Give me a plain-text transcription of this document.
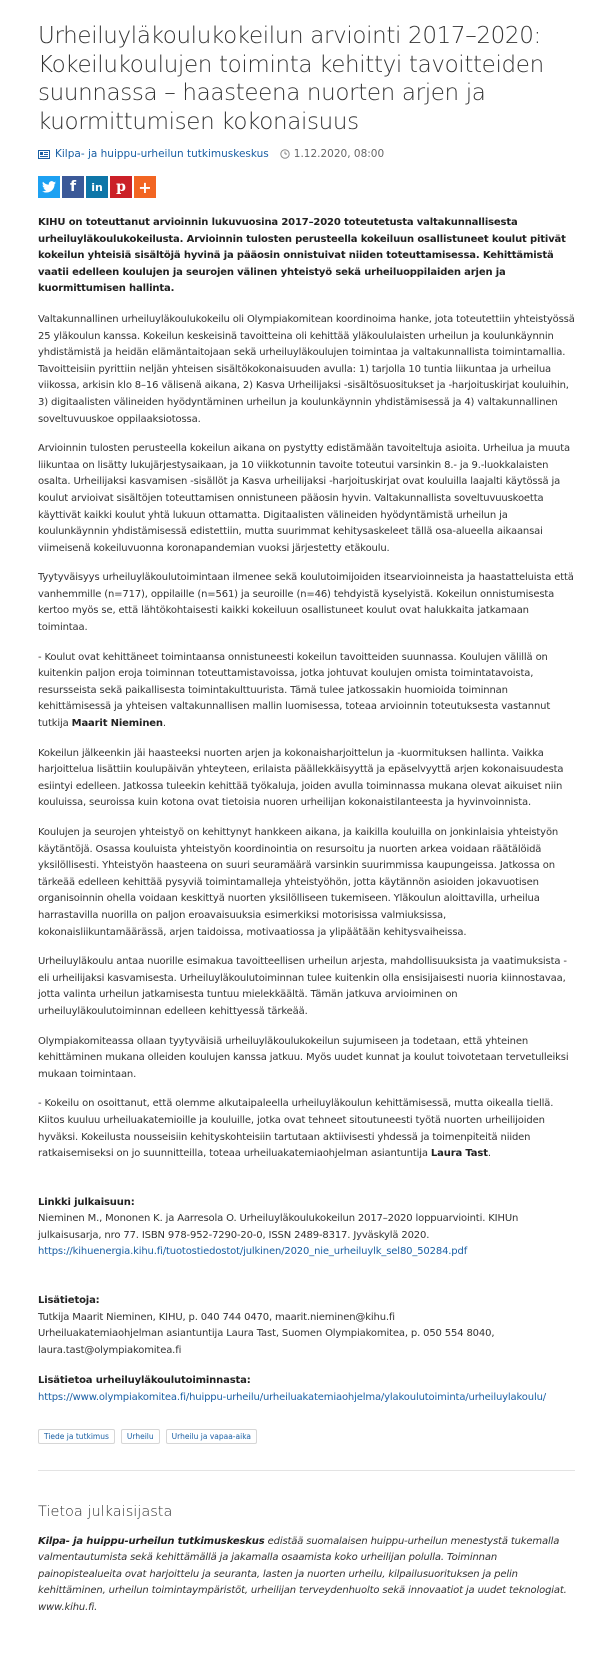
Urheiluyläkoulukokeilun arviointi 2017–2020: Kokeilukoulujen toiminta kehittyi tavoitteiden suunnassa – haasteena nuorten arjen ja kuormittumisen kokonaisuus
Kilpa- ja huippu-urheilun tutkimuskeskus 1.12.2020, 08:00
f in p +

KIHU on toteuttanut arvioinnin lukuvuosina 2017–2020 toteutetusta valtakunnallisesta urheiluyläkoulukokeilusta. Arvioinnin tulosten perusteella kokeiluun osallistuneet koulut pitivät kokeilun yhteisiä sisältöjä hyvinä ja pääosin onnistuivat niiden toteuttamisessa. Kehittämistä vaatii edelleen koulujen ja seurojen välinen yhteistyö sekä urheiluoppilaiden arjen ja kuormittumisen hallinta.

Valtakunnallinen urheiluyläkoulukokeilu oli Olympiakomitean koordinoima hanke, jota toteutettiin yhteistyössä 25 yläkoulun kanssa. Kokeilun keskeisinä tavoitteina oli kehittää yläkoululaisten urheilun ja koulunkäynnin yhdistämistä ja heidän elämäntaitojaan sekä urheiluyläkoulujen toimintaa ja valtakunnallista toimintamallia. Tavoitteisiin pyrittiin neljän yhteisen sisältökokonaisuuden avulla: 1) tarjolla 10 tuntia liikuntaa ja urheilua viikossa, arkisin klo 8–16 välisenä aikana, 2) Kasva Urheilijaksi -sisältösuositukset ja -harjoituskirjat kouluihin, 3) digitaalisten välineiden hyödyntäminen urheilun ja koulunkäynnin yhdistämisessä ja 4) valtakunnallinen soveltuvuuskoe oppilaaksiotossa.

Arvioinnin tulosten perusteella kokeilun aikana on pystytty edistämään tavoiteltuja asioita. Urheilua ja muuta liikuntaa on lisätty lukujärjestysaikaan, ja 10 viikkotunnin tavoite toteutui varsinkin 8.- ja 9.-luokkalaisten osalta. Urheilijaksi kasvamisen -sisällöt ja Kasva urheilijaksi -harjoituskirjat ovat kouluilla laajalti käytössä ja koulut arvioivat sisältöjen toteuttamisen onnistuneen pääosin hyvin. Valtakunnallista soveltuvuuskoetta käyttivät kaikki koulut yhtä lukuun ottamatta. Digitaalisten välineiden hyödyntämistä urheilun ja koulunkäynnin yhdistämisessä edistettiin, mutta suurimmat kehitysaskeleet tällä osa-alueella aikaansai viimeisenä kokeiluvuonna koronapandemian vuoksi järjestetty etäkoulu.

Tyytyväisyys urheiluyläkoulutoimintaan ilmenee sekä koulutoimijoiden itsearvioinneista ja haastatteluista että vanhemmille (n=717), oppilaille (n=561) ja seuroille (n=46) tehdyistä kyselyistä. Kokeilun onnistumisesta kertoo myös se, että lähtökohtaisesti kaikki kokeiluun osallistuneet koulut ovat halukkaita jatkamaan toimintaa.

- Koulut ovat kehittäneet toimintaansa onnistuneesti kokeilun tavoitteiden suunnassa. Koulujen välillä on kuitenkin paljon eroja toiminnan toteuttamistavoissa, jotka johtuvat koulujen omista toimintatavoista, resursseista sekä paikallisesta toimintakulttuurista. Tämä tulee jatkossakin huomioida toiminnan kehittämisessä ja yhteisen valtakunnallisen mallin luomisessa, toteaa arvioinnin toteutuksesta vastannut tutkija Maarit Nieminen.

Kokeilun jälkeenkin jäi haasteeksi nuorten arjen ja kokonaisharjoittelun ja -kuormituksen hallinta. Vaikka harjoittelua lisättiin koulupäivän yhteyteen, erilaista päällekkäisyyttä ja epäselvyyttä arjen kokonaisuudesta esiintyi edelleen. Jatkossa tuleekin kehittää työkaluja, joiden avulla toiminnassa mukana olevat aikuiset niin kouluissa, seuroissa kuin kotona ovat tietoisia nuoren urheilijan kokonaistilanteesta ja hyvinvoinnista.

Koulujen ja seurojen yhteistyö on kehittynyt hankkeen aikana, ja kaikilla kouluilla on jonkinlaisia yhteistyön käytäntöjä. Osassa kouluista yhteistyön koordinointia on resursoitu ja nuorten arkea voidaan räätälöidä yksilöllisesti. Yhteistyön haasteena on suuri seuramäärä varsinkin suurimmissa kaupungeissa. Jatkossa on tärkeää edelleen kehittää pysyviä toimintamalleja yhteistyöhön, jotta käytännön asioiden jokavuotisen organisoinnin ohella voidaan keskittyä nuorten yksilölliseen tukemiseen. Yläkoulun aloittavilla, urheilua harrastavilla nuorilla on paljon eroavaisuuksia esimerkiksi motorisissa valmiuksissa, kokonaisliikuntamäärässä, arjen taidoissa, motivaatiossa ja ylipäätään kehitysvaiheissa.

Urheiluyläkoulu antaa nuorille esimakua tavoitteellisen urheilun arjesta, mahdollisuuksista ja vaatimuksista - eli urheilijaksi kasvamisesta. Urheiluyläkoulutoiminnan tulee kuitenkin olla ensisijaisesti nuoria kiinnostavaa, jotta valinta urheilun jatkamisesta tuntuu mielekkäältä. Tämän jatkuva arvioiminen on urheiluyläkoulutoiminnan edelleen kehittyessä tärkeää.

Olympiakomiteassa ollaan tyytyväisiä urheiluyläkoulukokeilun sujumiseen ja todetaan, että yhteinen kehittäminen mukana olleiden koulujen kanssa jatkuu. Myös uudet kunnat ja koulut toivotetaan tervetulleiksi mukaan toimintaan.

- Kokeilu on osoittanut, että olemme alkutaipaleella urheiluyläkoulun kehittämisessä, mutta oikealla tiellä. Kiitos kuuluu urheiluakatemioille ja kouluille, jotka ovat tehneet sitoutuneesti työtä nuorten urheilijoiden hyväksi. Kokeilusta nousseisiin kehityskohteisiin tartutaan aktiivisesti yhdessä ja toimenpiteitä niiden ratkaisemiseksi on jo suunnitteilla, toteaa urheiluakatemiaohjelman asiantuntija Laura Tast.

Linkki julkaisuun:
Nieminen M., Mononen K. ja Aarresola O. Urheiluyläkoulukokeilun 2017–2020 loppuarviointi. KIHUn julkaisusarja, nro 77. ISBN 978-952-7290-20-0, ISSN 2489-8317. Jyväskylä 2020. https://kihuenergia.kihu.fi/tuotostiedostot/julkinen/2020_nie_urheiluylk_sel80_50284.pdf

Lisätietoja:
Tutkija Maarit Nieminen, KIHU, p. 040 744 0470, maarit.nieminen@kihu.fi
Urheiluakatemiaohjelman asiantuntija Laura Tast, Suomen Olympiakomitea, p. 050 554 8040, laura.tast@olympiakomitea.fi

Lisätietoa urheiluyläkoulutoiminnasta:
https://www.olympiakomitea.fi/huippu-urheilu/urheiluakatemiaohjelma/ylakoulutoiminta/urheiluylakoulu/

Tiede ja tutkimus	Urheilu	Urheilu ja vapaa-aika
Tietoa julkaisijasta

Kilpa- ja huippu-urheilun tutkimuskeskus edistää suomalaisen huippu-urheilun menestystä tukemalla valmentautumista sekä kehittämällä ja jakamalla osaamista koko urheilijan polulla. Toiminnan painopistealueita ovat harjoittelu ja seuranta, lasten ja nuorten urheilu, kilpailusuorituksen ja pelin kehittäminen, urheilun toimintaympäristöt, urheilijan terveydenhuolto sekä innovaatiot ja uudet teknologiat. www.kihu.fi.
